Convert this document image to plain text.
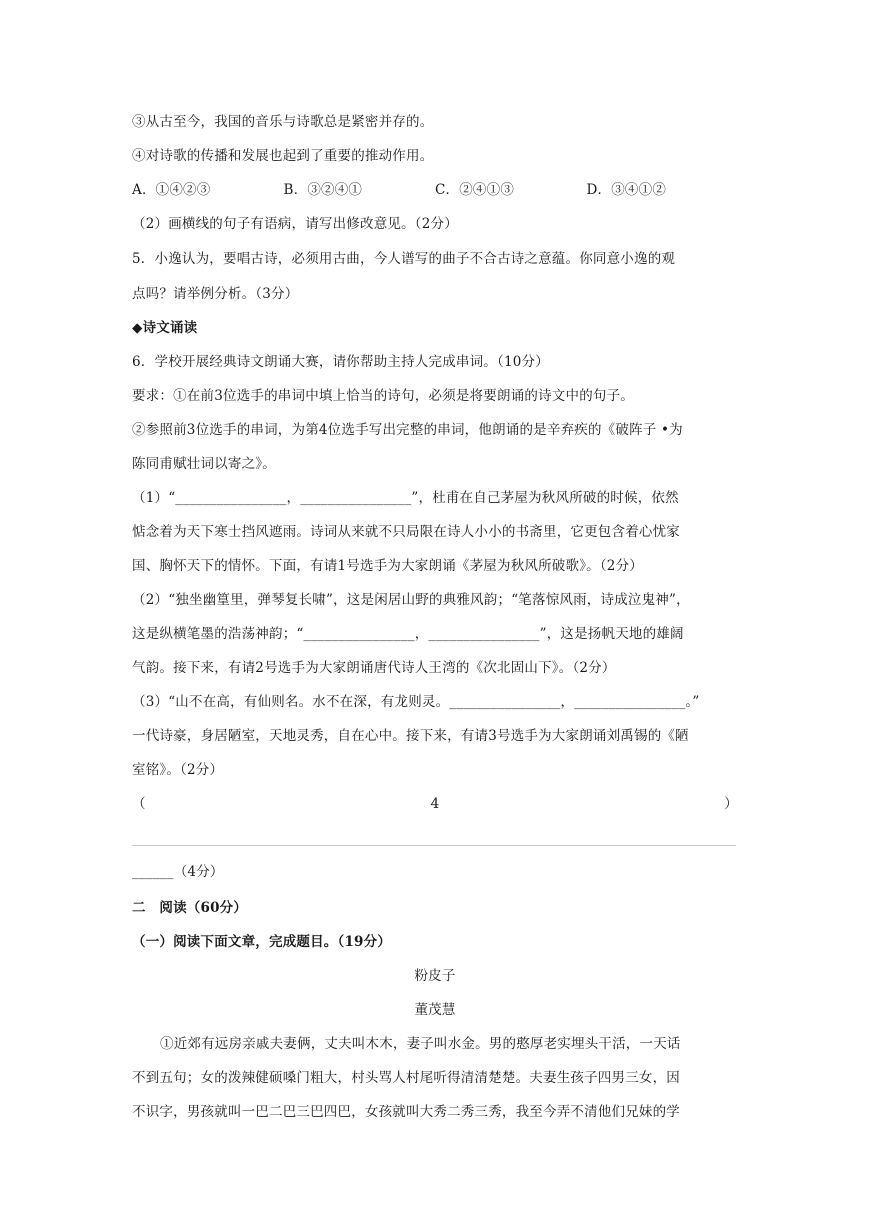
③从古至今，我国的音乐与诗歌总是紧密并存的。
④对诗歌的传播和发展也起到了重要的推动作用。
A．①④②③	B．③②④①	C．②④①③	D．③④①②
（2）画横线的句子有语病，请写出修改意见。（2分）
5．小逸认为，要唱古诗，必须用古曲，今人谱写的曲子不合古诗之意蕴。你同意小逸的观
点吗？请举例分析。（3分）
◆诗文诵读
6．学校开展经典诗文朗诵大赛，请你帮助主持人完成串词。（10分）
要求：①在前3位选手的串词中填上恰当的诗句，必须是将要朗诵的诗文中的句子。
②参照前3位选手的串词，为第4位选手写出完整的串词，他朗诵的是辛弃疾的《破阵子 •为
陈同甫赋壮词以寄之》。
（1）“________________，________________”，杜甫在自己茅屋为秋风所破的时候，依然
惦念着为天下寒士挡风遮雨。诗词从来就不只局限在诗人小小的书斋里，它更包含着心忧家
国、胸怀天下的情怀。下面，有请1号选手为大家朗诵《茅屋为秋风所破歌》。（2分）
（2）“独坐幽篁里，弹琴复长啸”，这是闲居山野的典雅风韵；“笔落惊风雨，诗成泣鬼神”，
这是纵横笔墨的浩荡神韵；“________________，________________”，这是扬帆天地的雄阔
气韵。接下来，有请2号选手为大家朗诵唐代诗人王湾的《次北固山下》。（2分）
（3）“山不在高，有仙则名。水不在深，有龙则灵。________________，________________。”
一代诗豪，身居陋室，天地灵秀，自在心中。接下来，有请3号选手为大家朗诵刘禹锡的《陋
室铭》。（2分）
（	4	）
______（4分）
二　阅读（60分）
（一）阅读下面文章，完成题目。（19分）
粉皮子
董茂慧
①近郊有远房亲戚夫妻俩，丈夫叫木木，妻子叫水金。男的憨厚老实埋头干活，一天话
不到五句；女的泼辣健硕嗓门粗大，村头骂人村尾听得清清楚楚。夫妻生孩子四男三女，因
不识字，男孩就叫一巴二巴三巴四巴，女孩就叫大秀二秀三秀，我至今弄不清他们兄妹的学
